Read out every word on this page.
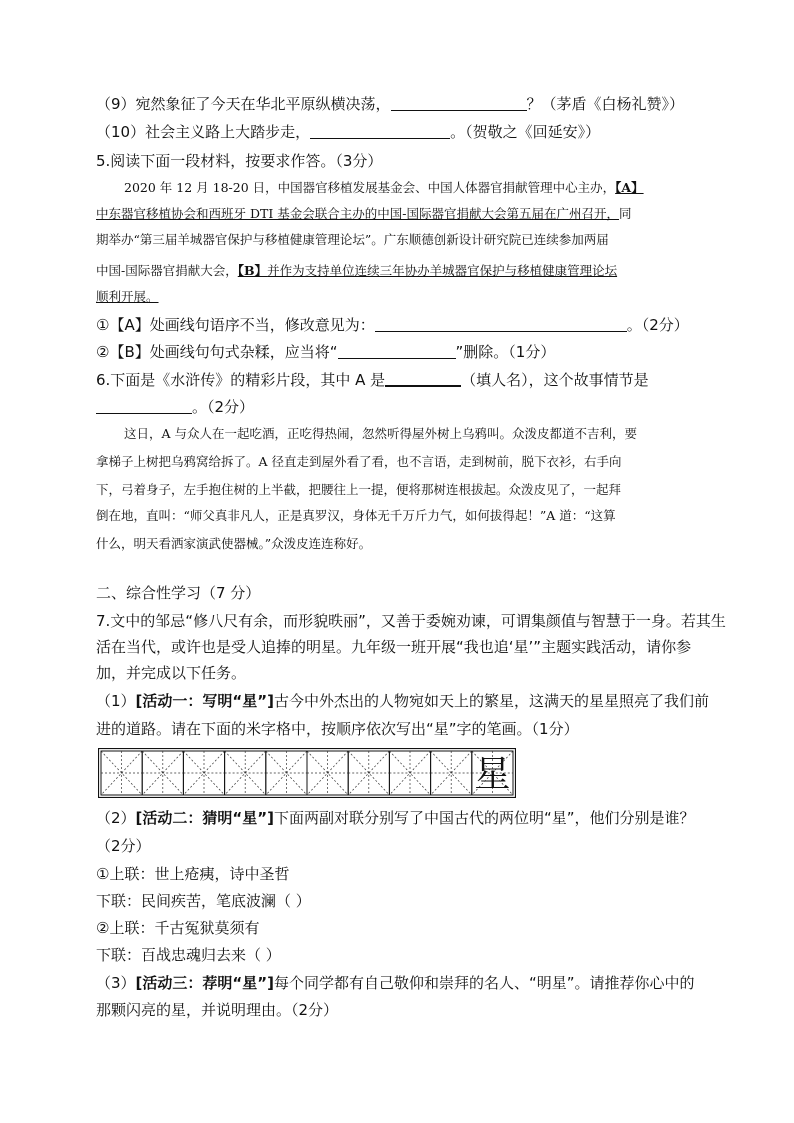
（9）宛然象征了今天在华北平原纵横决荡，	？（茅盾《白杨礼赞》）
（10）社会主义路上大踏步走，	。（贺敬之《回延安》）
5.阅读下面一段材料，按要求作答。（3分）
2020 年 12 月 18-20 日，中国器官移植发展基金会、中国人体器官捐献管理中心主办，【A】
中东器官移植协会和西班牙 DTI 基金会联合主办的中国-国际器官捐献大会第五届在广州召开，同
期举办“第三届羊城器官保护与移植健康管理论坛”。广东顺德创新设计研究院已连续参加两届
中国-国际器官捐献大会，【B】并作为支持单位连续三年协办羊城器官保护与移植健康管理论坛
顺利开展。
①【A】处画线句语序不当，修改意见为：	。（2分）
②【B】处画线句句式杂糅，应当将“	”删除。（1分）
6.下面是《水浒传》的精彩片段，其中 A 是	（填人名），这个故事情节是
。（2分）
这日，A 与众人在一起吃酒，正吃得热闹，忽然听得屋外树上乌鸦叫。众泼皮都道不吉利，要
拿梯子上树把乌鸦窝给拆了。A 径直走到屋外看了看，也不言语，走到树前，脱下衣衫，右手向
下，弓着身子，左手抱住树的上半截，把腰往上一提，便将那树连根拔起。众泼皮见了，一起拜
倒在地，直叫：“师父真非凡人，正是真罗汉，身体无千万斤力气，如何拔得起！”A 道：“这算
什么，明天看洒家演武使器械。”众泼皮连连称好。
二、综合性学习（7 分）
7.文中的邹忌“修八尺有余，而形貌昳丽”，又善于委婉劝谏，可谓集颜值与智慧于一身。若其生
活在当代，或许也是受人追捧的明星。九年级一班开展“我也追‘星’”主题实践活动，请你参
加，并完成以下任务。
（1）[活动一：写明“星”]古今中外杰出的人物宛如天上的繁星，这满天的星星照亮了我们前
进的道路。请在下面的米字格中，按顺序依次写出“星”字的笔画。（1分）
星
（2）[活动二：猜明“星”]下面两副对联分别写了中国古代的两位明“星”，他们分别是谁？
（2分）
①上联：世上疮痍，诗中圣哲
下联：民间疾苦，笔底波澜（ ）
②上联：千古冤狱莫须有
下联：百战忠魂归去来（ ）
（3）[活动三：荐明“星”]每个同学都有自己敬仰和崇拜的名人、“明星”。请推荐你心中的
那颗闪亮的星，并说明理由。（2分）
